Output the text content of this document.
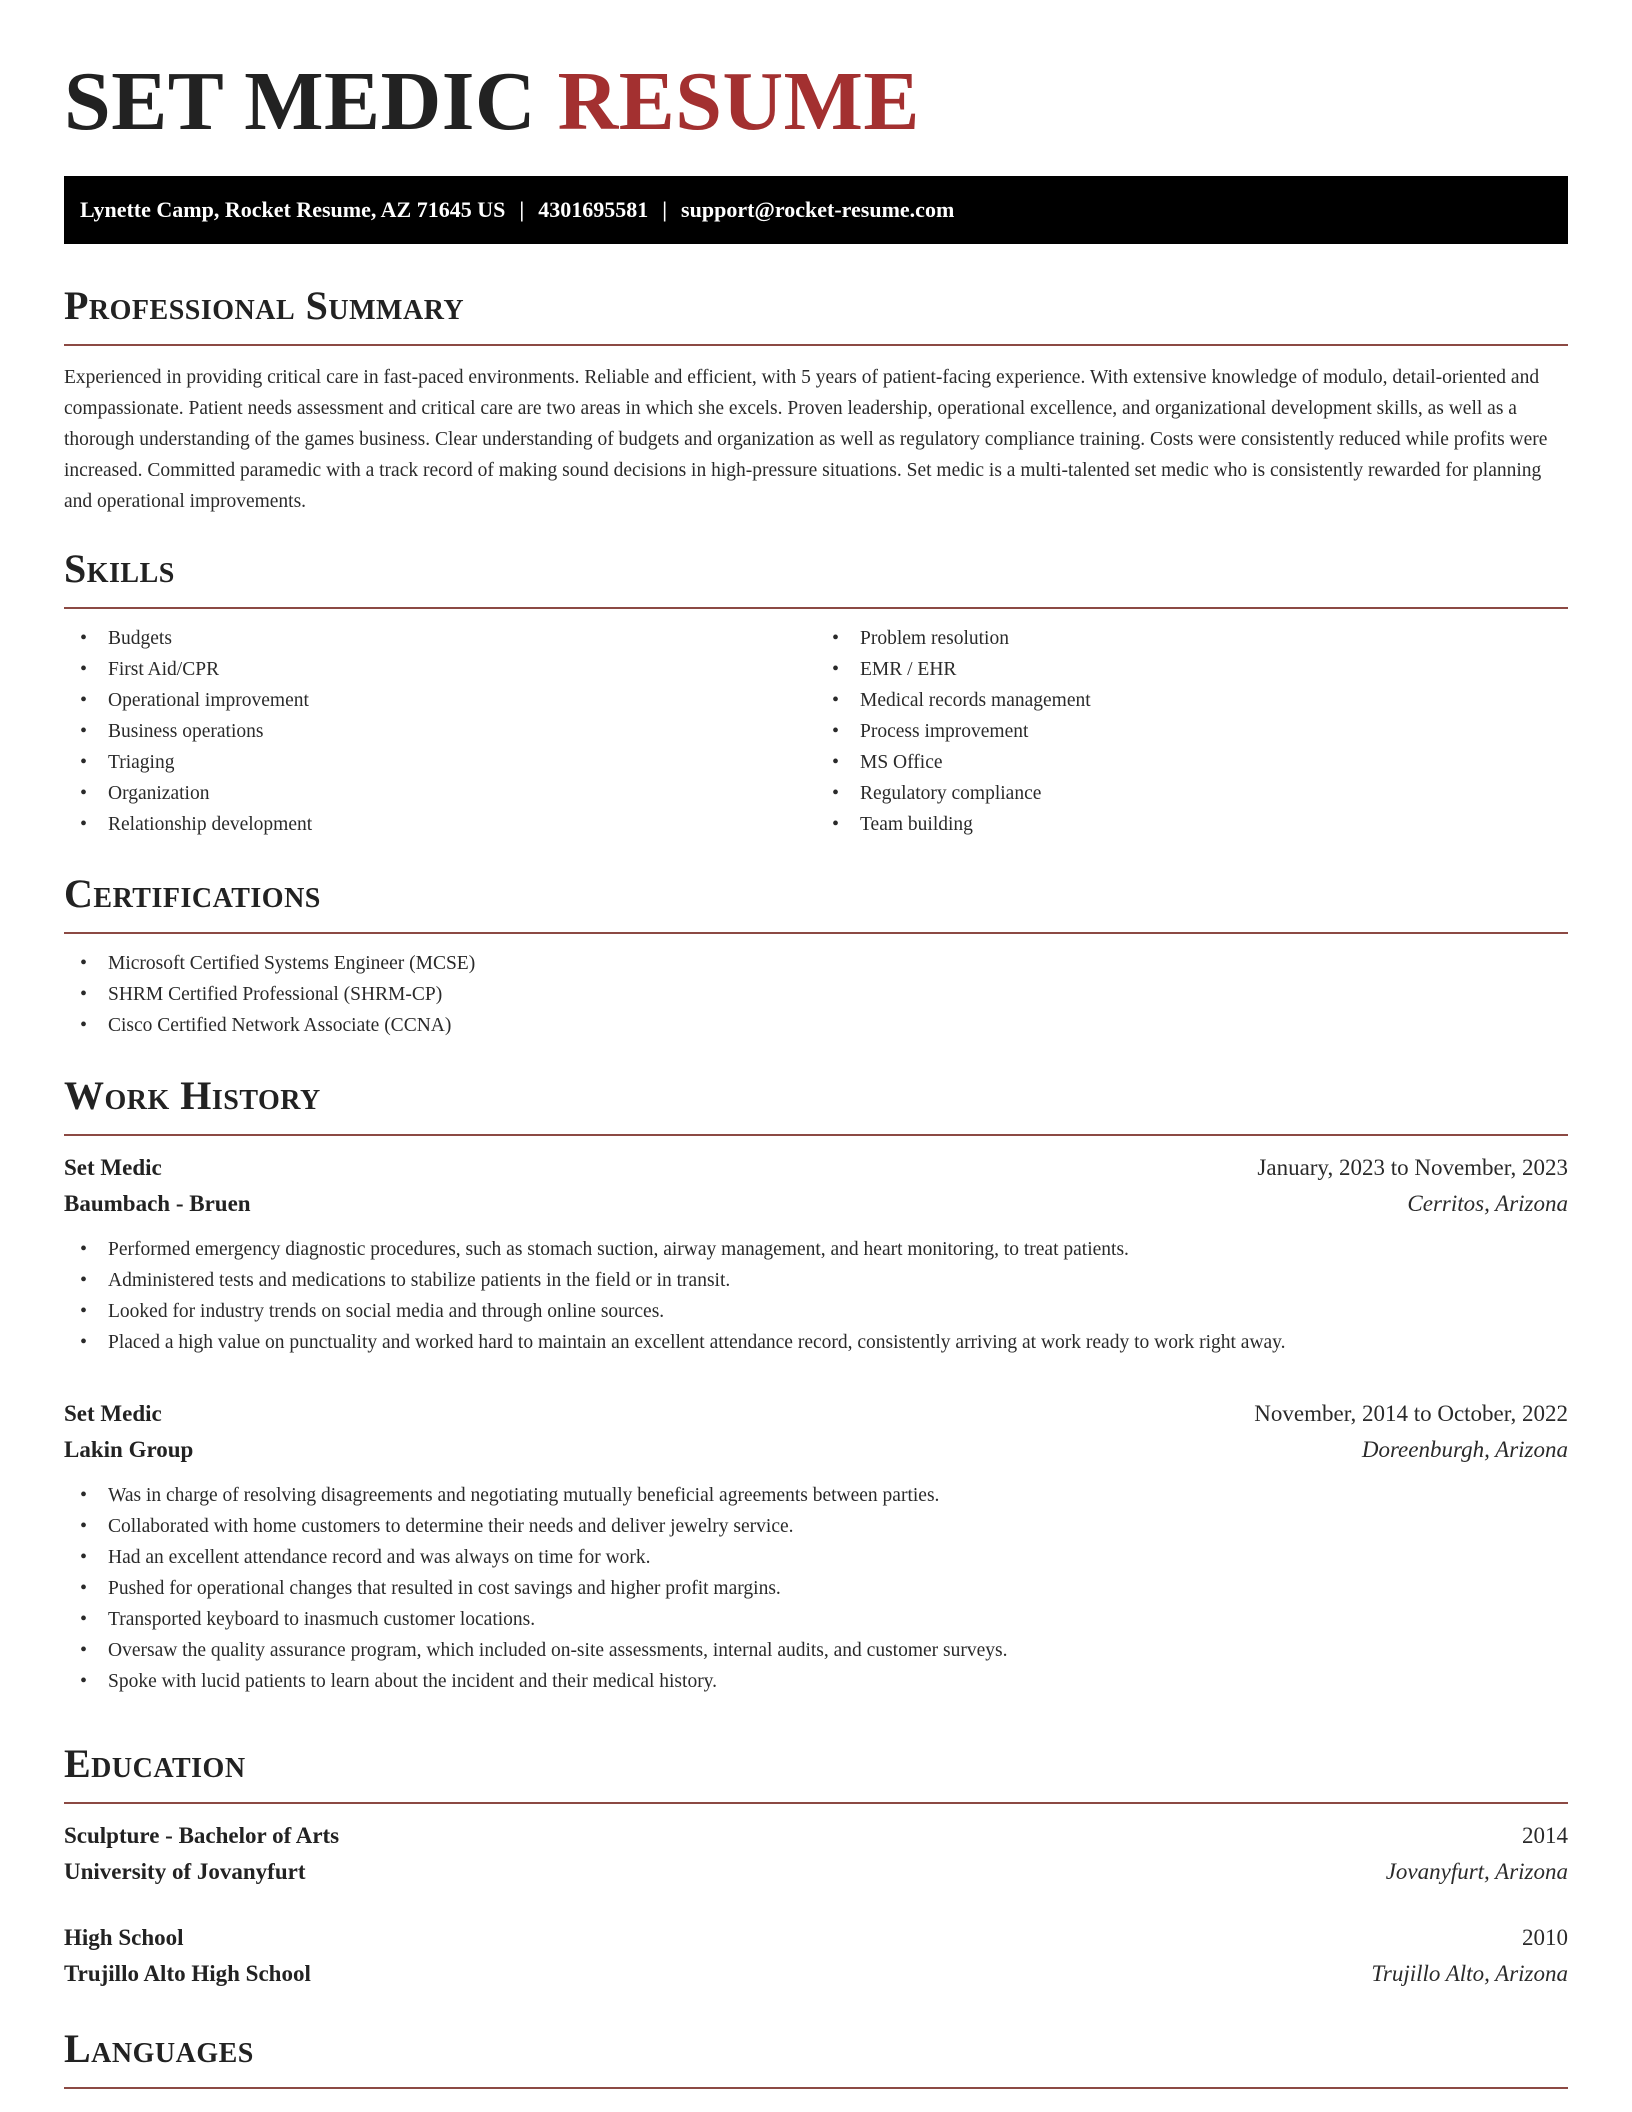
SET MEDIC RESUME
Lynette Camp, Rocket Resume, AZ 71645 US | 4301695581 | support@rocket-resume.com
Professional Summary
Experienced in providing critical care in fast-paced environments. Reliable and efficient, with 5 years of patient-facing experience. With extensive knowledge of modulo, detail-oriented and compassionate. Patient needs assessment and critical care are two areas in which she excels. Proven leadership, operational excellence, and organizational development skills, as well as a thorough understanding of the games business. Clear understanding of budgets and organization as well as regulatory compliance training. Costs were consistently reduced while profits were increased. Committed paramedic with a track record of making sound decisions in high-pressure situations. Set medic is a multi-talented set medic who is consistently rewarded for planning and operational improvements.
Skills
• Budgets
• First Aid/CPR
• Operational improvement
• Business operations
• Triaging
• Organization
• Relationship development
• Problem resolution
• EMR / EHR
• Medical records management
• Process improvement
• MS Office
• Regulatory compliance
• Team building
Certifications
• Microsoft Certified Systems Engineer (MCSE)
• SHRM Certified Professional (SHRM-CP)
• Cisco Certified Network Associate (CCNA)
Work History
Set Medic	January, 2023 to November, 2023
Baumbach - Bruen	Cerritos, Arizona
• Performed emergency diagnostic procedures, such as stomach suction, airway management, and heart monitoring, to treat patients.
• Administered tests and medications to stabilize patients in the field or in transit.
• Looked for industry trends on social media and through online sources.
• Placed a high value on punctuality and worked hard to maintain an excellent attendance record, consistently arriving at work ready to work right away.
Set Medic	November, 2014 to October, 2022
Lakin Group	Doreenburgh, Arizona
• Was in charge of resolving disagreements and negotiating mutually beneficial agreements between parties.
• Collaborated with home customers to determine their needs and deliver jewelry service.
• Had an excellent attendance record and was always on time for work.
• Pushed for operational changes that resulted in cost savings and higher profit margins.
• Transported keyboard to inasmuch customer locations.
• Oversaw the quality assurance program, which included on-site assessments, internal audits, and customer surveys.
• Spoke with lucid patients to learn about the incident and their medical history.
Education
Sculpture - Bachelor of Arts	2014
University of Jovanyfurt	Jovanyfurt, Arizona
High School	2010
Trujillo Alto High School	Trujillo Alto, Arizona
Languages
